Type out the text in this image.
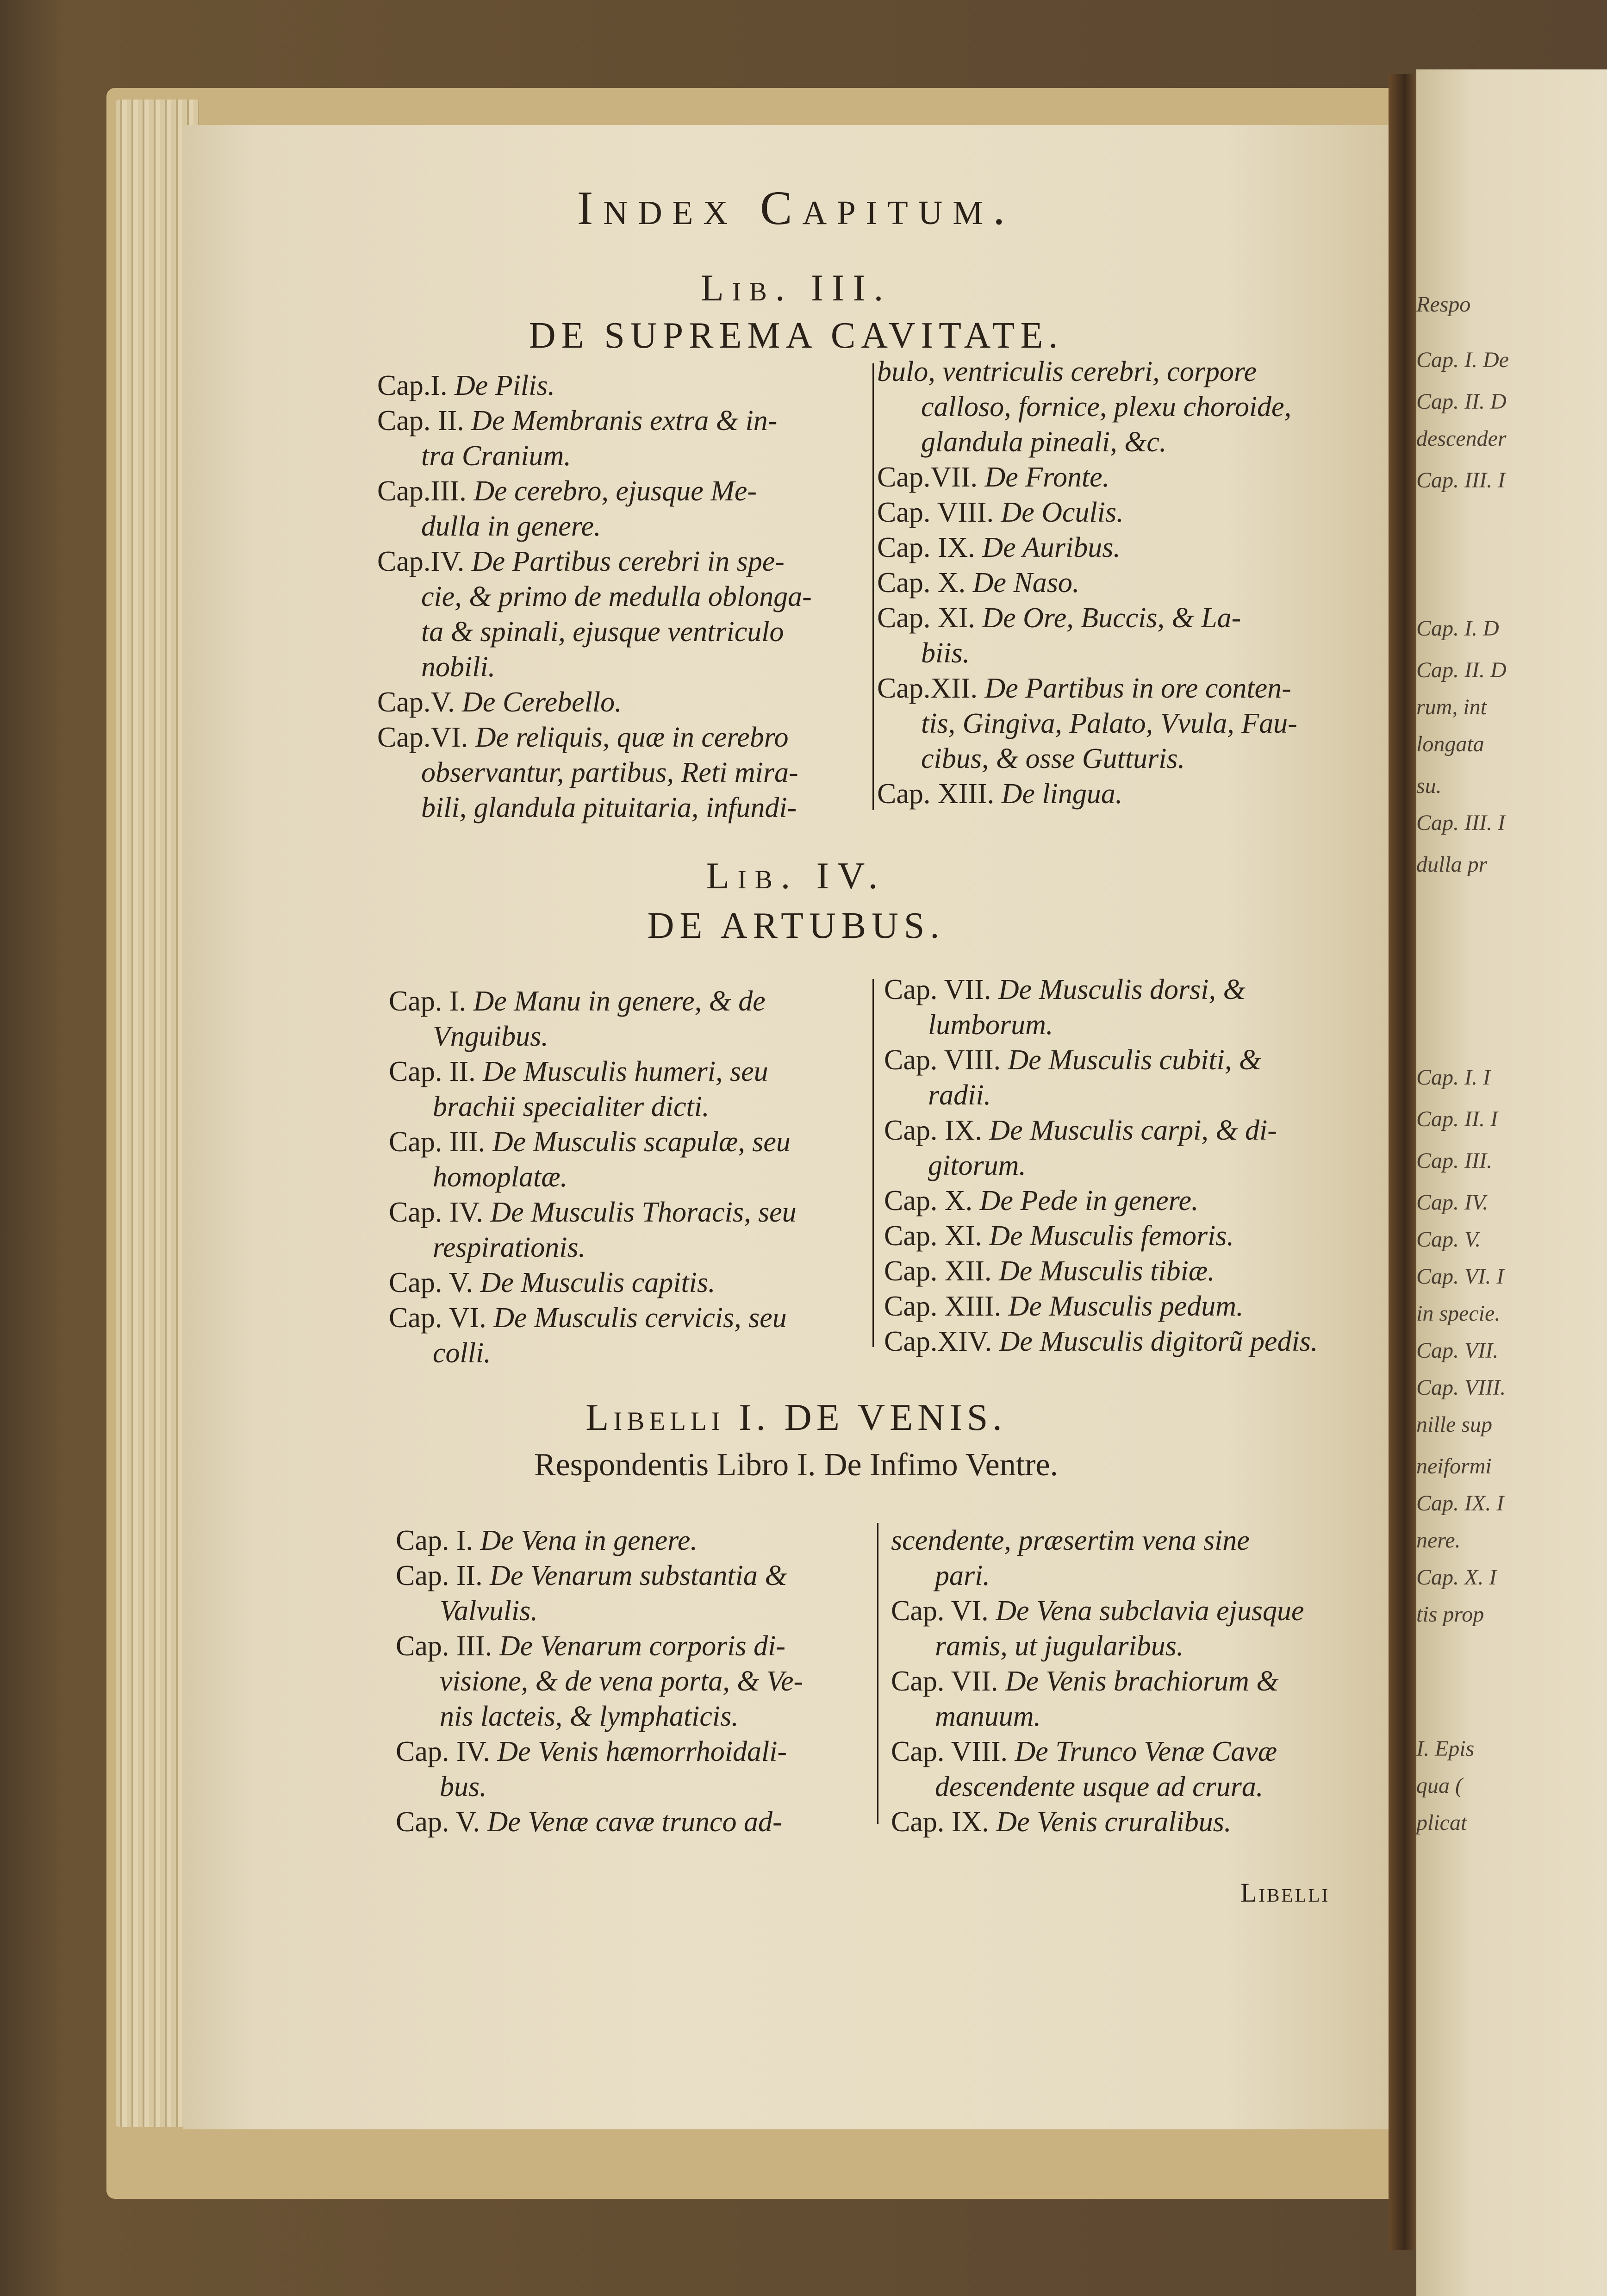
Respo
Cap. I. De
Cap. II. D
descender
Cap. III. I
Cap. I. D
Cap. II. D
rum, int
longata
su.
Cap. III. I
dulla pr
Cap. I. I
Cap. II. I
Cap. III.
Cap. IV.
Cap. V.
Cap. VI. I
in specie.
Cap. VII.
Cap. VIII.
nille sup
neiformi
Cap. IX. I
nere.
Cap. X. I
tis prop
I. Epis
qua (
plicat
Index Capitum.
Lib. III.
DE SUPREMA CAVITATE.
Cap.I. De Pilis.
Cap. II. De Membranis extra & in-
tra Cranium.
Cap.III. De cerebro, ejusque Me-
dulla in genere.
Cap.IV. De Partibus cerebri in spe-
cie, & primo de medulla oblonga-
ta & spinali, ejusque ventriculo
nobili.
Cap.V. De Cerebello.
Cap.VI. De reliquis, quæ in cerebro
observantur, partibus, Reti mira-
bili, glandula pituitaria, infundi-
bulo, ventriculis cerebri, corpore
calloso, fornice, plexu choroide,
glandula pineali, &c.
Cap.VII. De Fronte.
Cap. VIII. De Oculis.
Cap. IX. De Auribus.
Cap. X. De Naso.
Cap. XI. De Ore, Buccis, & La-
biis.
Cap.XII. De Partibus in ore conten-
tis, Gingiva, Palato, Vvula, Fau-
cibus, & osse Gutturis.
Cap. XIII. De lingua.
Lib. IV.
DE ARTUBUS.
Cap. I. De Manu in genere, & de
Vnguibus.
Cap. II. De Musculis humeri, seu
brachii specialiter dicti.
Cap. III. De Musculis scapulæ, seu
homoplatæ.
Cap. IV. De Musculis Thoracis, seu
respirationis.
Cap. V. De Musculis capitis.
Cap. VI. De Musculis cervicis, seu
colli.
Cap. VII. De Musculis dorsi, &
lumborum.
Cap. VIII. De Musculis cubiti, &
radii.
Cap. IX. De Musculis carpi, & di-
gitorum.
Cap. X. De Pede in genere.
Cap. XI. De Musculis femoris.
Cap. XII. De Musculis tibiæ.
Cap. XIII. De Musculis pedum.
Cap.XIV. De Musculis digitorũ pedis.
Libelli I. DE VENIS.
Respondentis Libro I. De Infimo Ventre.
Cap. I. De Vena in genere.
Cap. II. De Venarum substantia &
Valvulis.
Cap. III. De Venarum corporis di-
visione, & de vena porta, & Ve-
nis lacteis, & lymphaticis.
Cap. IV. De Venis hæmorrhoidali-
bus.
Cap. V. De Venæ cavæ trunco ad-
scendente, præsertim vena sine
pari.
Cap. VI. De Vena subclavia ejusque
ramis, ut jugularibus.
Cap. VII. De Venis brachiorum &
manuum.
Cap. VIII. De Trunco Venæ Cavæ
descendente usque ad crura.
Cap. IX. De Venis cruralibus.
Libelli
